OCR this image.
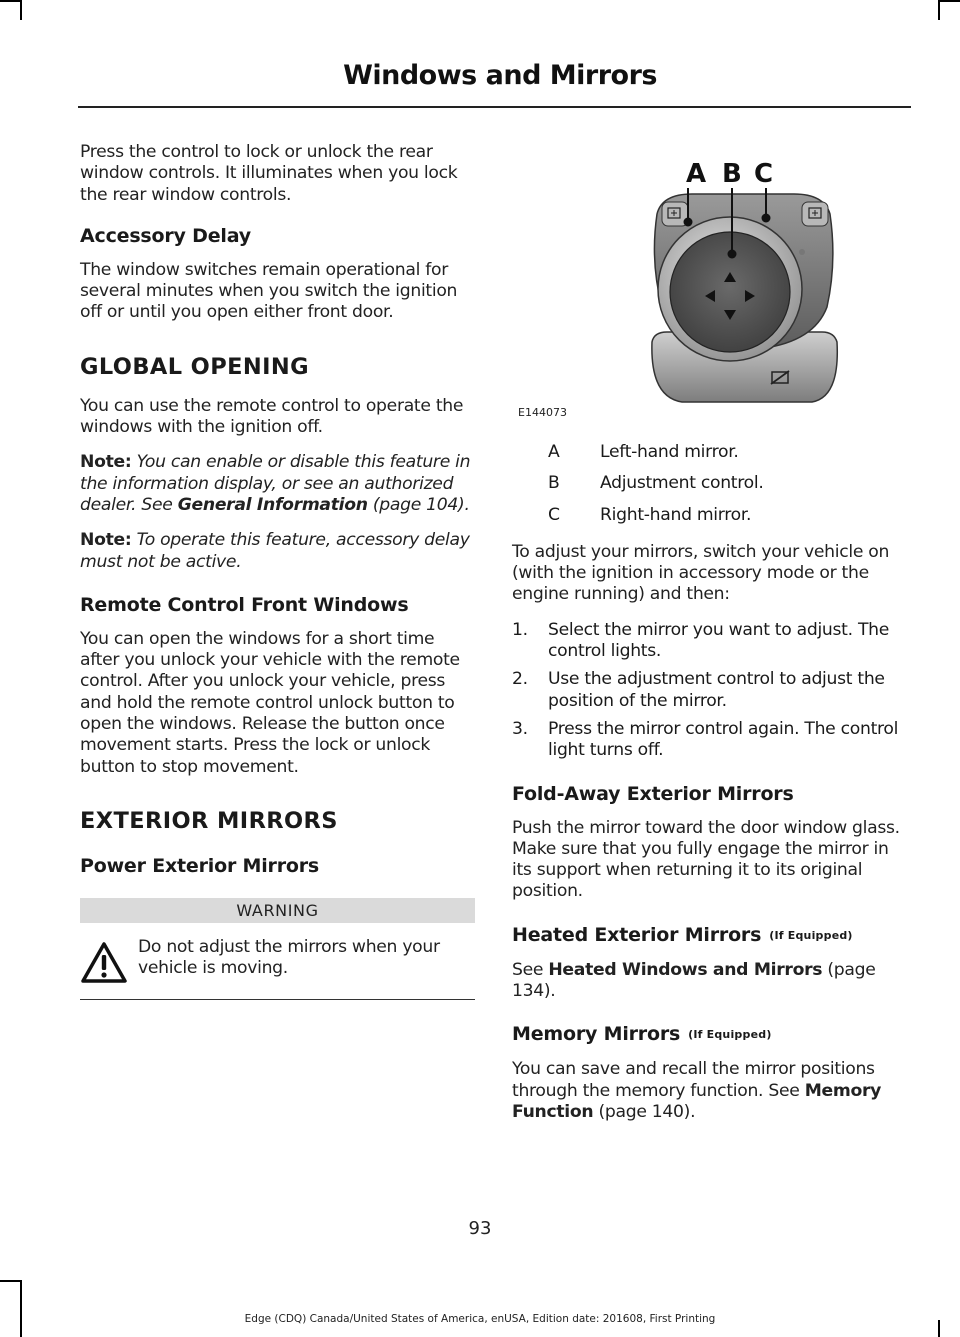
Windows and Mirrors

Press the control to lock or unlock the rear window controls. It illuminates when you lock the rear window controls.

Accessory Delay

The window switches remain operational for several minutes when you switch the ignition off or until you open either front door.

GLOBAL OPENING

You can use the remote control to operate the windows with the ignition off.

Note: You can enable or disable this feature in the information display, or see an authorized dealer. See General Information (page 104).

Note: To operate this feature, accessory delay must not be active.

Remote Control Front Windows

You can open the windows for a short time after you unlock your vehicle with the remote control. After you unlock your vehicle, press and hold the remote control unlock button to open the windows. Release the button once movement starts. Press the lock or unlock button to stop movement.

EXTERIOR MIRRORS
Power Exterior Mirrors
WARNING

Do not adjust the mirrors when your vehicle is moving.

A B C
E144073
A	Left-hand mirror.
B	Adjustment control.
C	Right-hand mirror.

To adjust your mirrors, switch your vehicle on (with the ignition in accessory mode or the engine running) and then:

1.	Select the mirror you want to adjust. The control lights.
2.	Use the adjustment control to adjust the position of the mirror.
3.	Press the mirror control again. The control light turns off.
Fold-Away Exterior Mirrors

Push the mirror toward the door window glass. Make sure that you fully engage the mirror in its support when returning it to its original position.

Heated Exterior Mirrors (If Equipped)

See Heated Windows and Mirrors (page 134).

Memory Mirrors (If Equipped)

You can save and recall the mirror positions through the memory function. See Memory Function (page 140).

93
Edge (CDQ) Canada/United States of America, enUSA, Edition date: 201608, First Printing
